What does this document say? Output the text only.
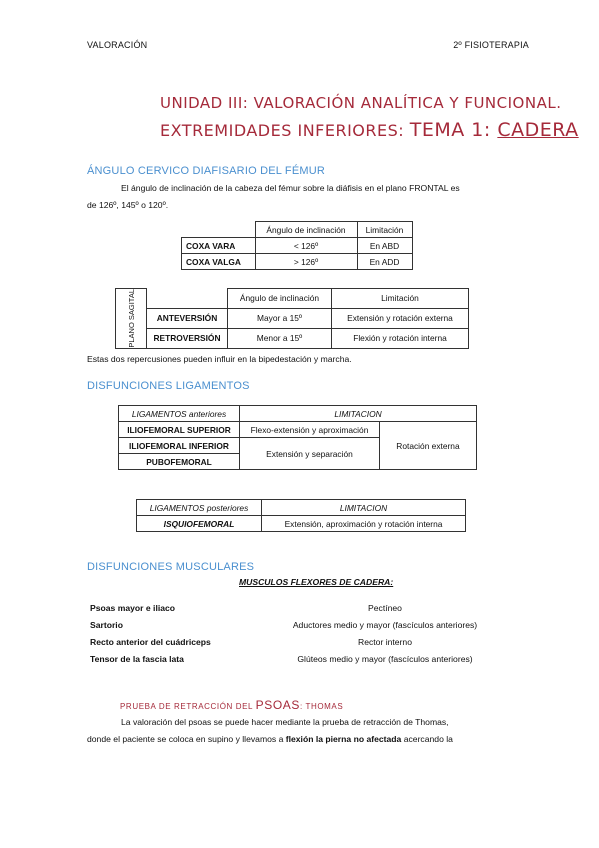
VALORACIÓN	2º FISIOTERAPIA
UNIDAD III: VALORACIÓN ANALÍTICA Y FUNCIONAL.
EXTREMIDADES INFERIORES: TEMA 1: CADERA
ÁNGULO CERVICO DIAFISARIO DEL FÉMUR
El ángulo de inclinación de la cabeza del fémur sobre la diáfisis en el plano FRONTAL es
de 126º, 145º o 120º.
	Ángulo de inclinación	Limitación
COXA VARA	< 126º	En ABD
COXA VALGA	> 126º	En ADD
PLANO SAGITAL		Ángulo de inclinación	Limitación
	ANTEVERSIÓN	Mayor a 15º	Extensión y rotación externa
	RETROVERSIÓN	Menor a 15º	Flexión y rotación interna
Estas dos repercusiones pueden influir en la bipedestación y marcha.
DISFUNCIONES LIGAMENTOS
LIGAMENTOS anteriores	LIMITACION	
ILIOFEMORAL SUPERIOR	Flexo-extensión y aproximación	Rotación externa
ILIOFEMORAL INFERIOR	Extensión y separación	
PUBOFEMORAL		
LIGAMENTOS posteriores	LIMITACION
ISQUIOFEMORAL	Extensión, aproximación y rotación interna
DISFUNCIONES MUSCULARES
MUSCULOS FLEXORES DE CADERA:
Psoas mayor e iliaco	Pectíneo
Sartorio	Aductores medio y mayor (fascículos anteriores)
Recto anterior del cuádriceps	Rector interno
Tensor de la fascia lata	Glúteos medio y mayor (fascículos anteriores)
PRUEBA DE RETRACCIÓN DEL PSOAS: THOMAS
La valoración del psoas se puede hacer mediante la prueba de retracción de Thomas,
donde el paciente se coloca en supino y llevamos a flexión la pierna no afectada acercando la
